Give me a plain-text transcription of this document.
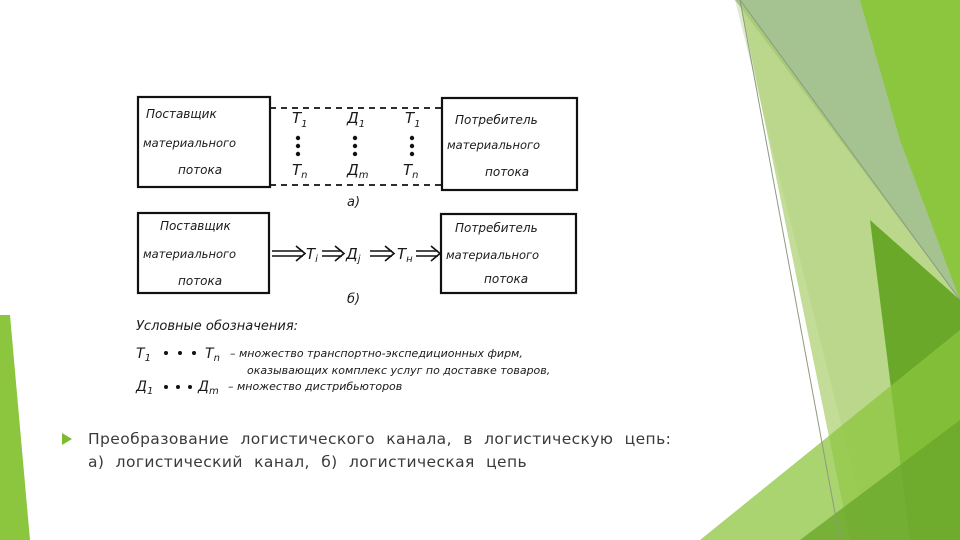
Поставщик
материального
потока
Потребитель
материального
потока
$Т_1$
$Т_n$
$Д_1$
$Д_m$
$Т_1$
$Т_n$
а)
Поставщик
материального
потока
Потребитель
материального
потока
$Т_i$ $Д_j$ $Т_н$
б)
Условные обозначения:
$Т_1$	$Т_n$ – множество транспортно-экспедиционных фирм,
оказывающих комплекс услуг по доставке товаров,
$Д_1$	$Д_m$ – множество дистрибьюторов
Преобразование логистического канала, в логистическую цепь: а) логистический канал, б) логистическая цепь
